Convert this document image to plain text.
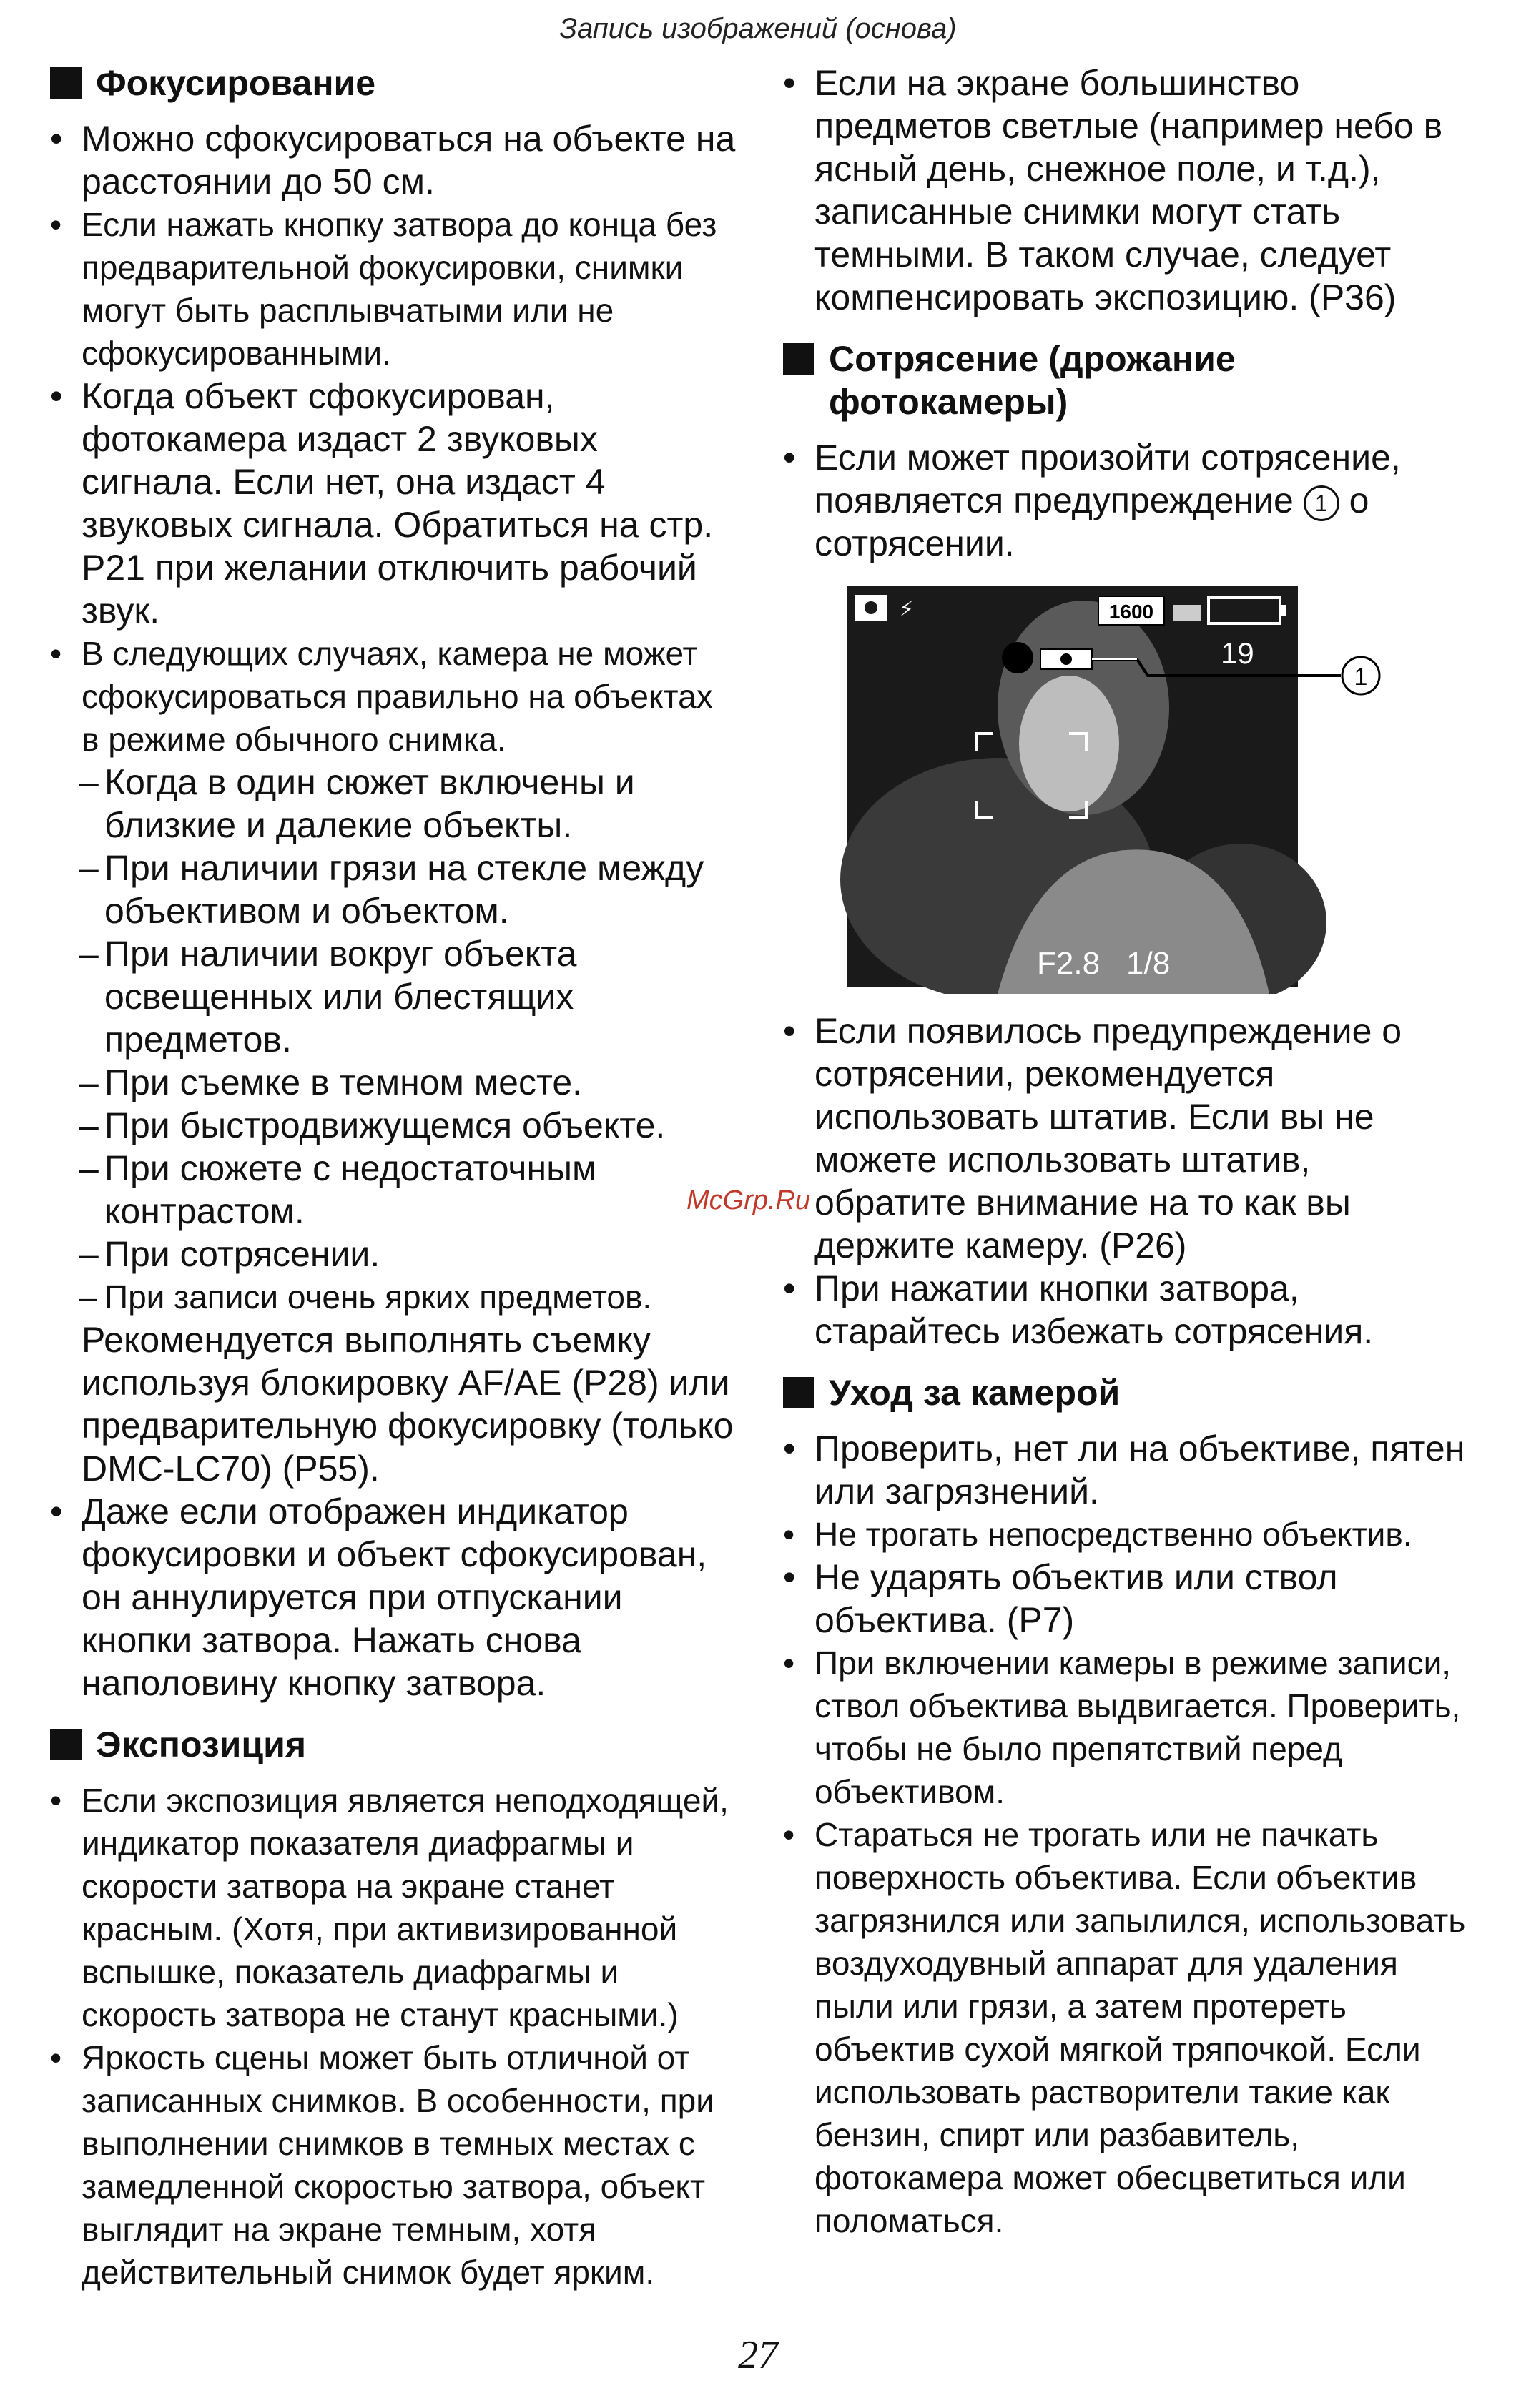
Запись изображений (основа)
Фокусирование
• Можно сфокусироваться на объекте на расстоянии до 50 см.
• Если нажать кнопку затвора до конца без предварительной фокусировки, снимки могут быть расплывчатыми или не сфокусированными.
• Когда объект сфокусирован, фотокамера издаст 2 звуковых сигнала. Если нет, она издаст 4 звуковых сигнала. Обратиться на стр. P21 при желании отключить рабочий звук.
• В следующих случаях, камера не может сфокусироваться правильно на объектах в режиме обычного снимка.
– Когда в один сюжет включены и близкие и далекие объекты.
– При наличии грязи на стекле между объективом и объектом.
– При наличии вокруг объекта освещенных или блестящих предметов.
– При съемке в темном месте.
– При быстродвижущемся объекте.
– При сюжете с недостаточным контрастом.
– При сотрясении.
– При записи очень ярких предметов.
Рекомендуется выполнять съемку используя блокировку AF/AE (P28) или предварительную фокусировку (только DMC-LC70) (P55).
• Даже если отображен индикатор фокусировки и объект сфокусирован, он аннулируется при отпускании кнопки затвора. Нажать снова наполовину кнопку затвора.
Экспозиция
• Если экспозиция является неподходящей, индикатор показателя диафрагмы и скорости затвора на экране станет красным. (Хотя, при активизированной вспышке, показатель диафрагмы и скорость затвора не станут красными.)
• Яркость сцены может быть отличной от записанных снимков. В особенности, при выполнении снимков в темных местах с замедленной скоростью затвора, объект выглядит на экране темным, хотя действительный снимок будет ярким.
• Если на экране большинство предметов светлые (например небо в ясный день, снежное поле, и т.д.), записанные снимки могут стать темными. В таком случае, следует компенсировать экспозицию. (P36)
Сотрясение (дрожание фотокамеры)
• Если может произойти сотрясение, появляется предупреждение 1 о сотрясении.
⚡	1600
19
1
F2.8 1/8
• Если появилось предупреждение о сотрясении, рекомендуется использовать штатив. Если вы не можете использовать штатив, обратите внимание на то как вы держите камеру. (P26)
• При нажатии кнопки затвора, старайтесь избежать сотрясения.
Уход за камерой
• Проверить, нет ли на объективе, пятен или загрязнений.
• Не трогать непосредственно объектив.
• Не ударять объектив или ствол объектива. (P7)
• При включении камеры в режиме записи, ствол объектива выдвигается. Проверить, чтобы не было препятствий перед объективом.
• Стараться не трогать или не пачкать поверхность объектива. Если объектив загрязнился или запылился, использовать воздуходувный аппарат для удаления пыли или грязи, а затем протереть объектив сухой мягкой тряпочкой. Если использовать растворители такие как бензин, спирт или разбавитель, фотокамера может обесцветиться или поломаться.
McGrp.Ru
27
